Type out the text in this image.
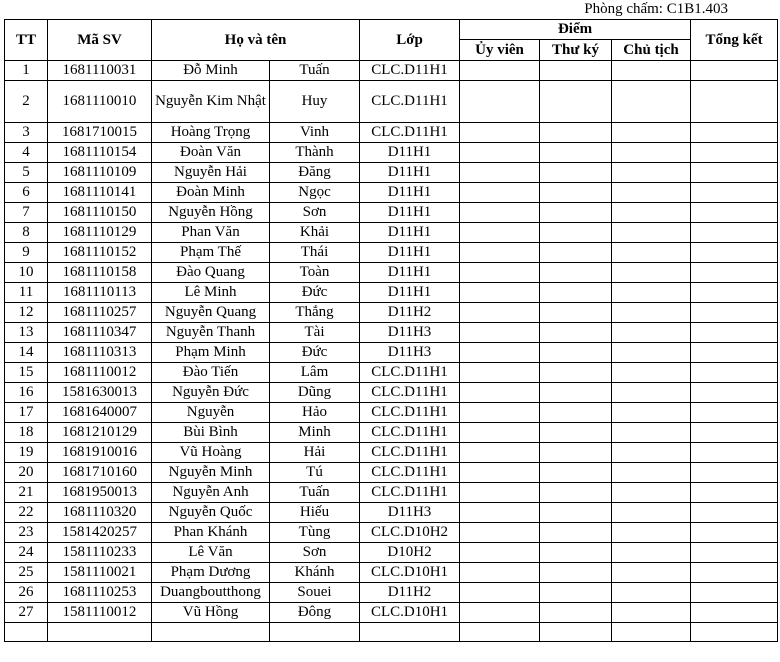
Phòng chấm: C1B1.403
TT	Mã SV	Họ và tên		Lớp	Điểm			Tổng kết
					Ủy viên	Thư ký	Chủ tịch	
1	1681110031	Đỗ Minh	Tuấn	CLC.D11H1				
2	1681110010	Nguyễn Kim Nhật	Huy	CLC.D11H1				
3	1681710015	Hoàng Trọng	Vinh	CLC.D11H1				
4	1681110154	Đoàn Văn	Thành	D11H1				
5	1681110109	Nguyễn Hải	Đăng	D11H1				
6	1681110141	Đoàn Minh	Ngọc	D11H1				
7	1681110150	Nguyễn Hồng	Sơn	D11H1				
8	1681110129	Phan Văn	Khải	D11H1				
9	1681110152	Phạm Thế	Thái	D11H1				
10	1681110158	Đào Quang	Toàn	D11H1				
11	1681110113	Lê Minh	Đức	D11H1				
12	1681110257	Nguyễn Quang	Thắng	D11H2				
13	1681110347	Nguyễn Thanh	Tài	D11H3				
14	1681110313	Phạm Minh	Đức	D11H3				
15	1681110012	Đào Tiến	Lâm	CLC.D11H1				
16	1581630013	Nguyễn Đức	Dũng	CLC.D11H1				
17	1681640007	Nguyễn	Hảo	CLC.D11H1				
18	1681210129	Bùi Bình	Minh	CLC.D11H1				
19	1681910016	Vũ Hoàng	Hải	CLC.D11H1				
20	1681710160	Nguyễn Minh	Tú	CLC.D11H1				
21	1681950013	Nguyễn Anh	Tuấn	CLC.D11H1				
22	1681110320	Nguyễn Quốc	Hiếu	D11H3				
23	1581420257	Phan Khánh	Tùng	CLC.D10H2				
24	1581110233	Lê Văn	Sơn	D10H2				
25	1581110021	Phạm Dương	Khánh	CLC.D10H1				
26	1681110253	Duangboutthong	Souei	D11H2				
27	1581110012	Vũ Hồng	Đông	CLC.D10H1				
